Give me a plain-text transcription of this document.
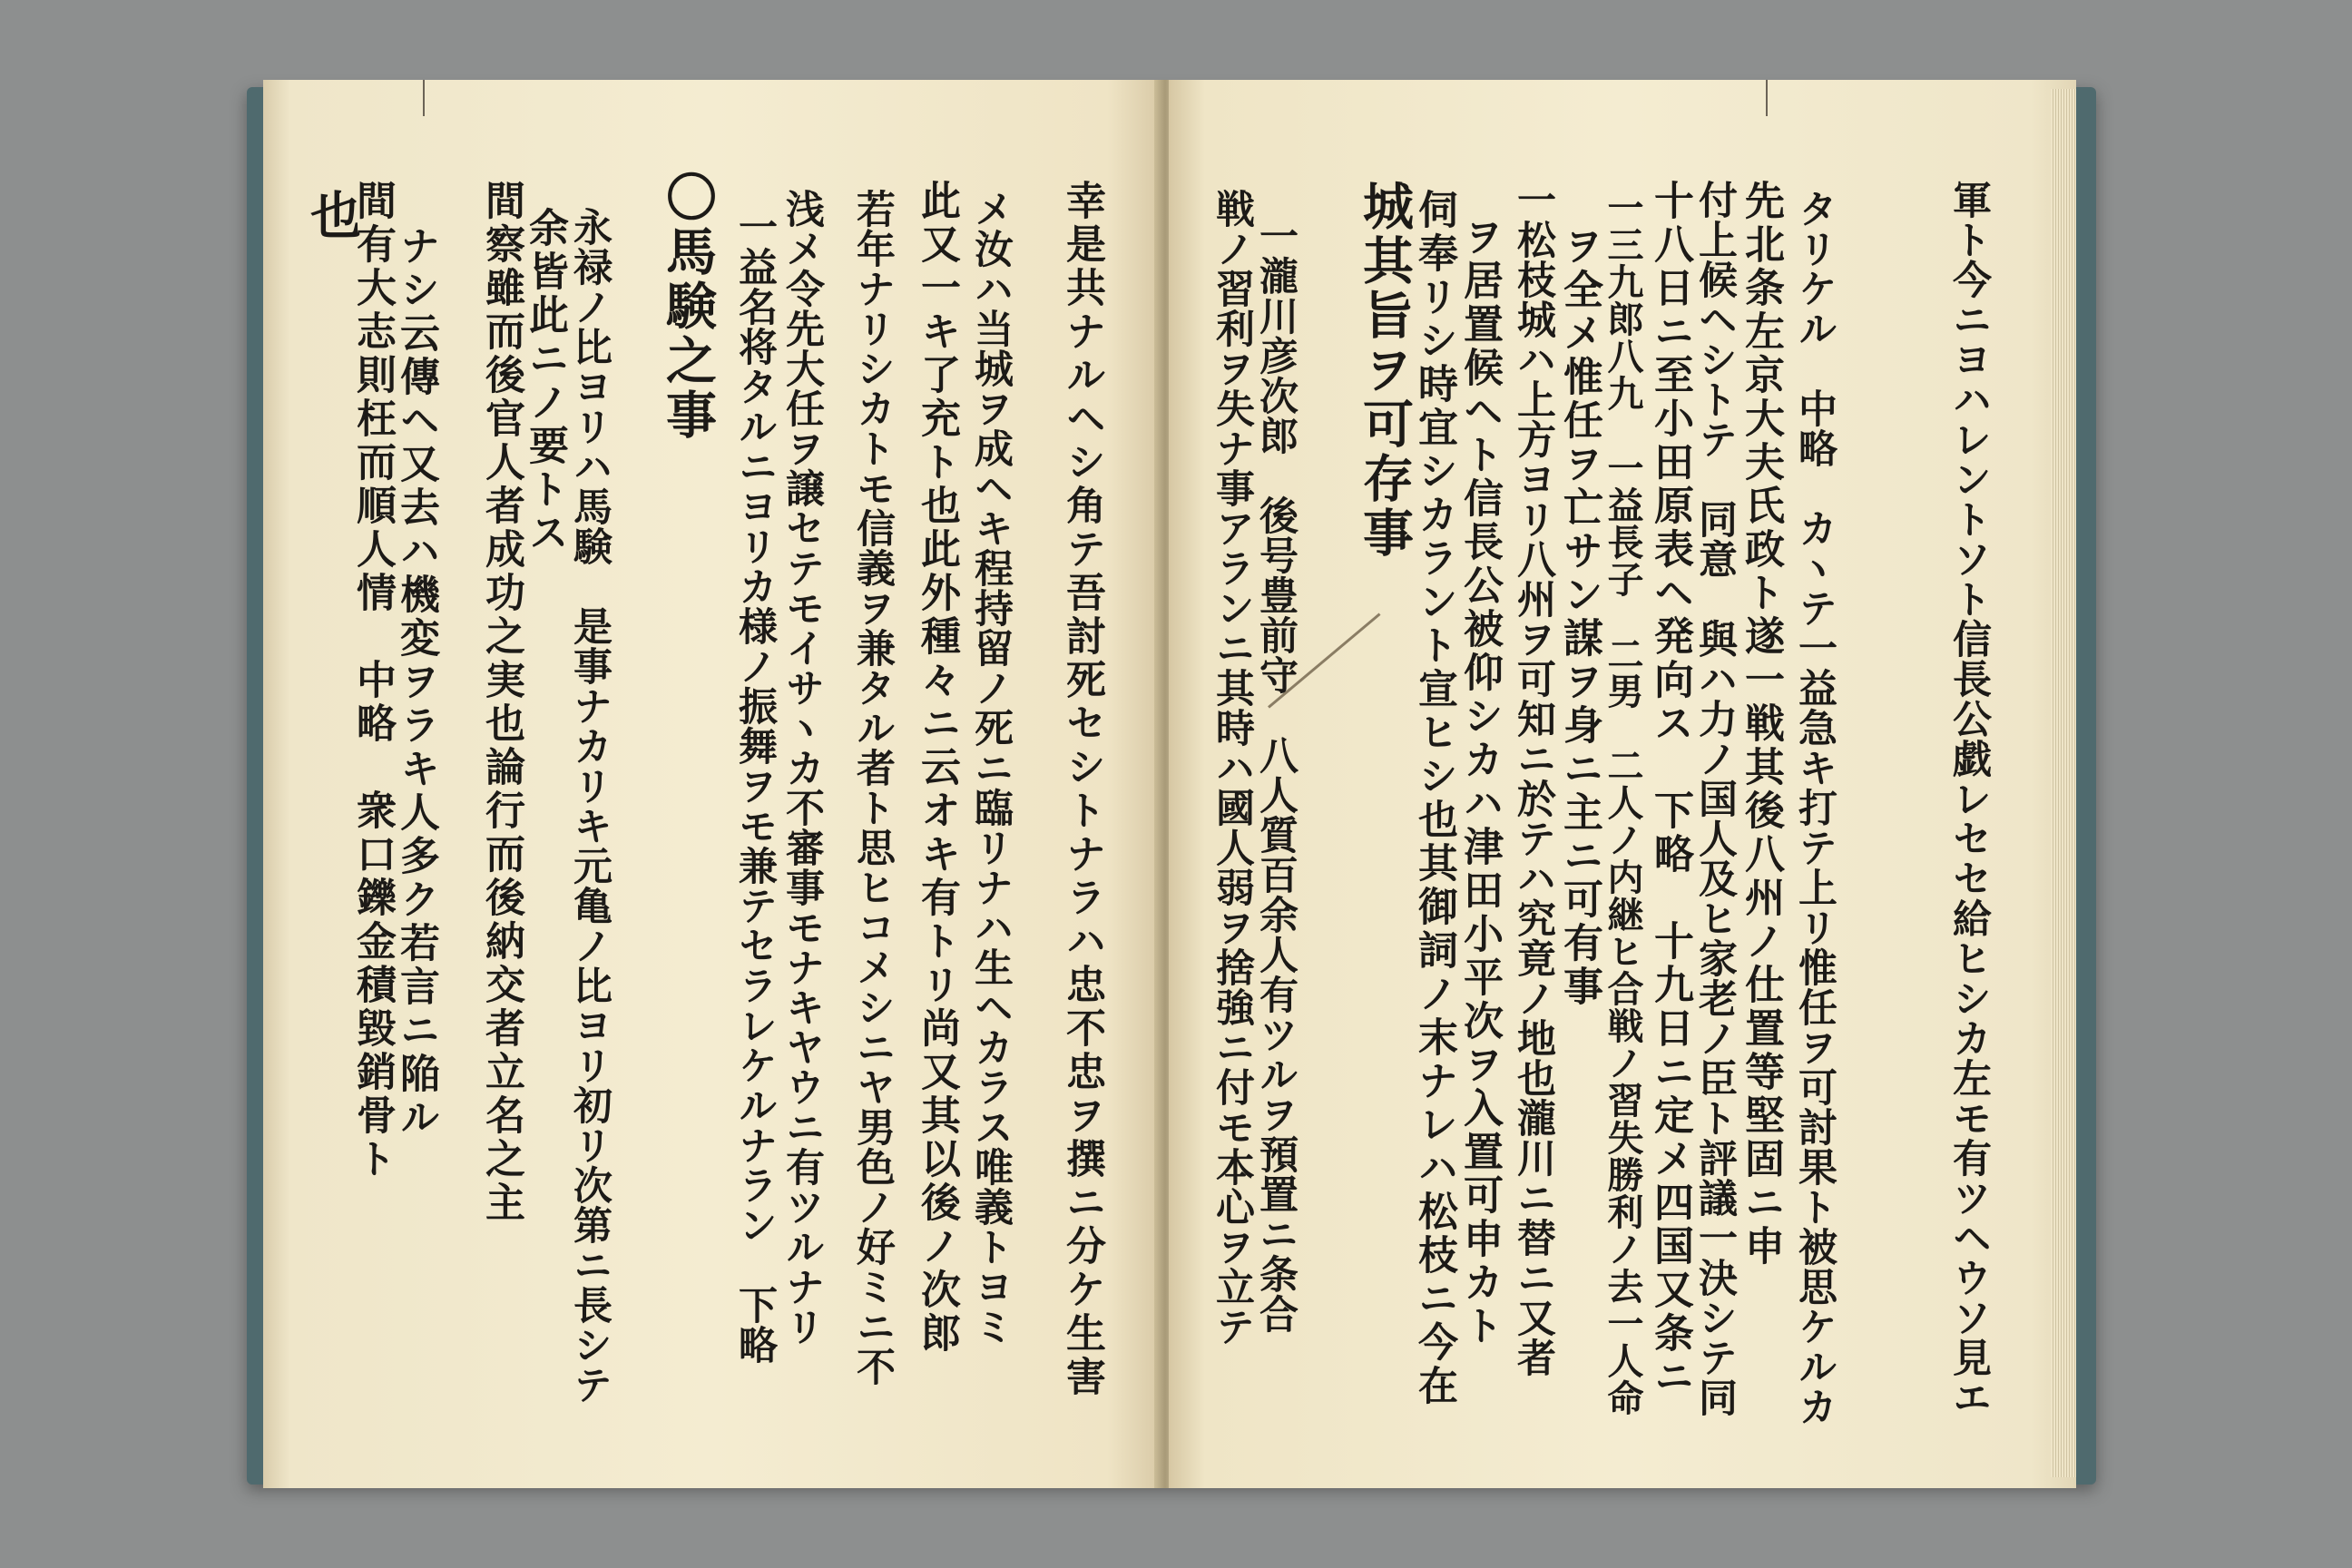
也
間有大志則枉而順人情　中略　衆口鑠金積毀銷骨ト
ナシ云傳ヘ又去ハ機変ヲラキ人多ク若言ニ陥ル 間察雖而後官人者成功之実也論行而後納交者立名之主
余皆此ニノ要トス 永禄ノ比ヨリハ馬験　是事ナカリキ元亀ノ比ヨリ初リ次第ニ長シテ 〇馬験之事 一益名将タルニヨリカ様ノ振舞ヲモ兼テセラレケルナラン　下略 浅メ令先大任ヲ譲セテモイサヽカ不審事モナキヤウニ有ツルナリ 若年ナリシカトモ信義ヲ兼タル者ト思ヒコメシニヤ男色ノ好ミニ不 此又一キ了充ト也此外種々ニ云オキ有トリ尚又其以後ノ次郎 メ汝ハ当城ヲ成ヘキ程持留ノ死ニ臨リナハ生ヘカラス唯義トヨミ 幸是共ナルヘシ角テ吾討死セシトナラハ忠不忠ヲ撰ニ分ケ生害	戦ノ習利ヲ失ナ事アランニ其時ハ國人弱ヲ捨強ニ付モ本心ヲ立テ
一瀧川彦次郎　後号豊前守　八人質百余人有ツルヲ預置ニ条合 城其旨ヲ可存事
伺奉リシ時宜シカラント宣ヒシ也其御詞ノ末ナレハ松枝ニ今在 ヲ居置候ヘト信長公被仰シカハ津田小平次ヲ入置可申カト 一松枝城ハ上方ヨリ八州ヲ可知ニ於テハ究竟ノ地也瀧川ニ替ニ又者 ヲ全メ惟任ヲ亡サン謀ヲ身ニ主ニ可有事 一三九郎八九　一益長子　二男　二人ノ内継ヒ合戦ノ習失勝利ノ去一人命 十八日ニ至小田原表ヘ発向ス　下略　十九日ニ定メ四国又条ニ 付上候ヘシトテ　同意　與ハ力ノ国人及ヒ家老ノ臣ト評議一決シテ同 先北条左京大夫氏政ト遂一戦其後八州ノ仕置等堅固ニ申 タリケル　中略　カヽテ一益急キ打テ上リ惟任ヲ可討果ト被思ケルカ	軍ト今ニヨハレントソト信長公戯レセセ給ヒシカ左モ有ツヘウソ見エ
